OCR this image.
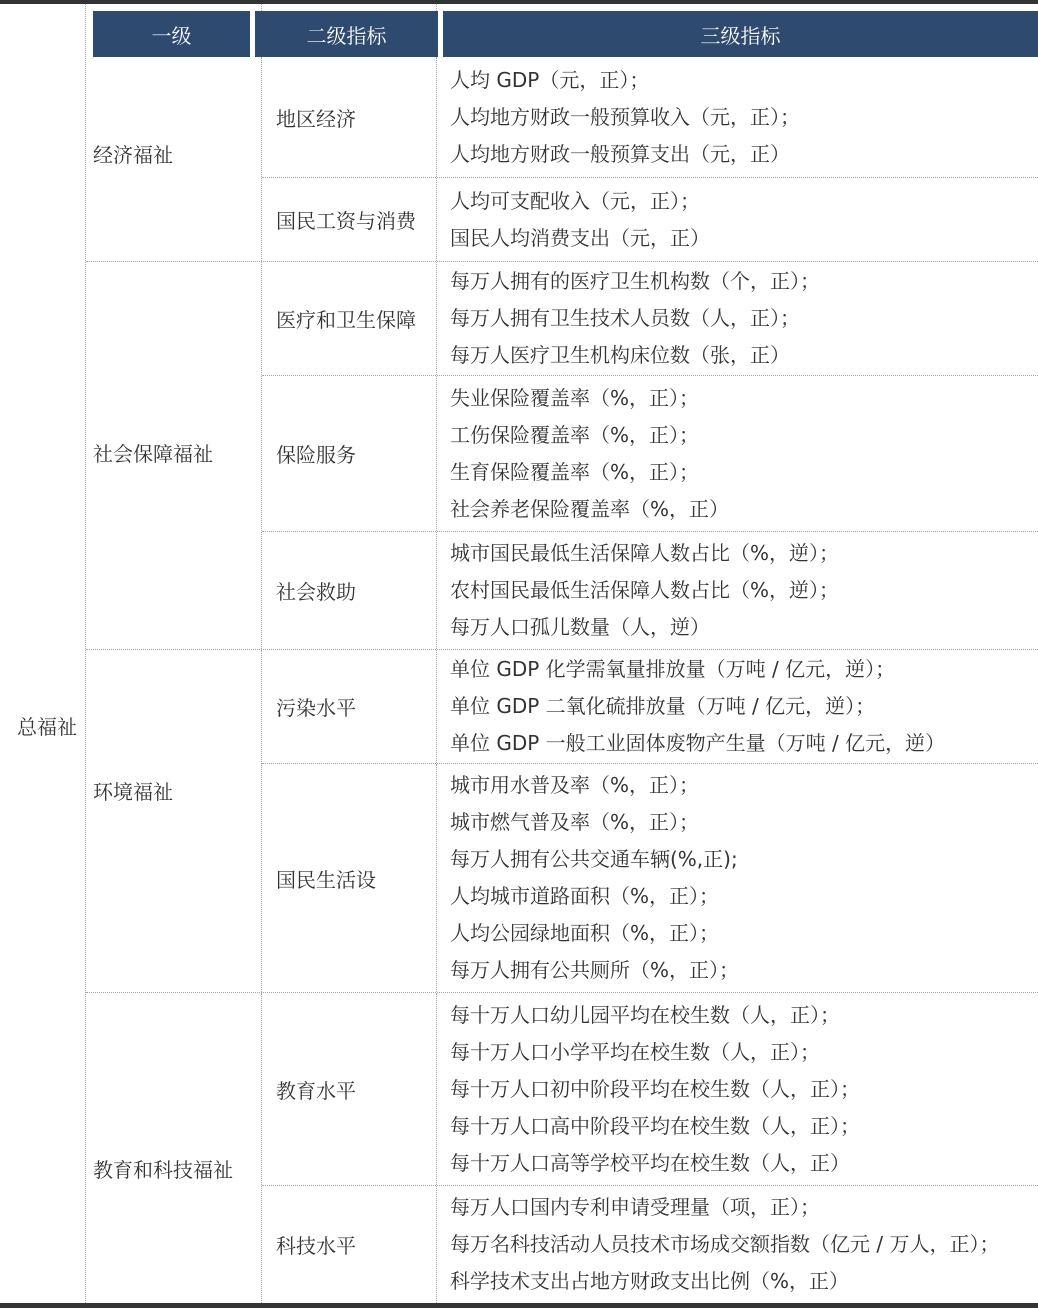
一级	二级指标	三级指标
总福祉
经济福祉
地区经济
人均 GDP（元，正）；
人均地方财政一般预算收入（元，正）；
人均地方财政一般预算支出（元，正）
国民工资与消费
人均可支配收入（元，正）；
国民人均消费支出（元，正）
社会保障福祉
医疗和卫生保障
每万人拥有的医疗卫生机构数（个，正）；
每万人拥有卫生技术人员数（人，正）；
每万人医疗卫生机构床位数（张，正）
保险服务
失业保险覆盖率（%，正）；
工伤保险覆盖率（%，正）；
生育保险覆盖率（%，正）；
社会养老保险覆盖率（%，正）
社会救助
城市国民最低生活保障人数占比（%，逆）；
农村国民最低生活保障人数占比（%，逆）；
每万人口孤儿数量（人，逆）
环境福祉
污染水平
单位 GDP 化学需氧量排放量（万吨 / 亿元，逆）；
单位 GDP 二氧化硫排放量（万吨 / 亿元，逆）；
单位 GDP 一般工业固体废物产生量（万吨 / 亿元，逆）
国民生活设
城市用水普及率（%，正）；
城市燃气普及率（%，正）；
每万人拥有公共交通车辆(%,正);
人均城市道路面积（%，正）；
人均公园绿地面积（%，正）；
每万人拥有公共厕所（%，正）；
教育和科技福祉
教育水平
每十万人口幼儿园平均在校生数（人，正）；
每十万人口小学平均在校生数（人，正）；
每十万人口初中阶段平均在校生数（人，正）；
每十万人口高中阶段平均在校生数（人，正）；
每十万人口高等学校平均在校生数（人，正）
科技水平
每万人口国内专利申请受理量（项，正）；
每万名科技活动人员技术市场成交额指数（亿元 / 万人，正）；
科学技术支出占地方财政支出比例（%，正）
